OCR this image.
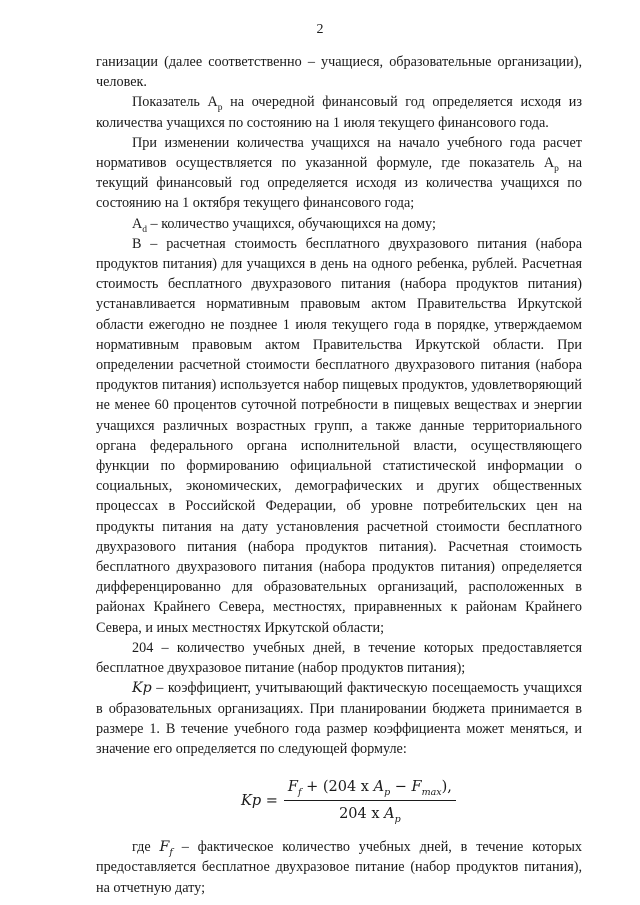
2

ганизации (далее соответственно – учащиеся, образовательные организации), человек.

Показатель $А_р$ на очередной финансовый год определяется исходя из количества учащихся по состоянию на 1 июля текущего финансового года.

При изменении количества учащихся на начало учебного года расчет нормативов осуществляется по указанной формуле, где показатель $А_р$ на текущий финансовый год определяется исходя из количества учащихся по состоянию на 1 октября текущего финансового года;

$А_d$ – количество учащихся, обучающихся на дому;

В – расчетная стоимость бесплатного двухразового питания (набора продуктов питания) для учащихся в день на одного ребенка, рублей. Расчетная стоимость бесплатного двухразового питания (набора продуктов питания) устанавливается нормативным правовым актом Правительства Иркутской области ежегодно не позднее 1 июля текущего года в порядке, утверждаемом нормативным правовым актом Правительства Иркутской области. При определении расчетной стоимости бесплатного двухразового питания (набора продуктов питания) используется набор пищевых продуктов, удовлетворяющий не менее 60 процентов суточной потребности в пищевых веществах и энергии учащихся различных возрастных групп, а также данные территориального органа федерального органа исполнительной власти, осуществляющего функции по формированию официальной статистической информации о социальных, экономических, демографических и других общественных процессах в Российской Федерации, об уровне потребительских цен на продукты питания на дату установления расчетной стоимости бесплатного двухразового питания (набора продуктов питания). Расчетная стоимость бесплатного двухразового питания (набора продуктов питания) определяется дифференцированно для образовательных организаций, расположенных в районах Крайнего Севера, местностях, приравненных к районам Крайнего Севера, и иных местностях Иркутской области;

204 – количество учебных дней, в течение которых предоставляется бесплатное двухразовое питание (набор продуктов питания);

Kp – коэффициент, учитывающий фактическую посещаемость учащихся в образовательных организациях. При планировании бюджета принимается в размере 1. В течение учебного года размер коэффициента может меняться, и значение его определяется по следующей формуле:

$Kp = \frac{F_f + (204 x A_p - F_{max}),}{204 x A_p}$

где $F_f$ – фактическое количество учебных дней, в течение которых предоставляется бесплатное двухразовое питание (набор продуктов питания), на отчетную дату;
